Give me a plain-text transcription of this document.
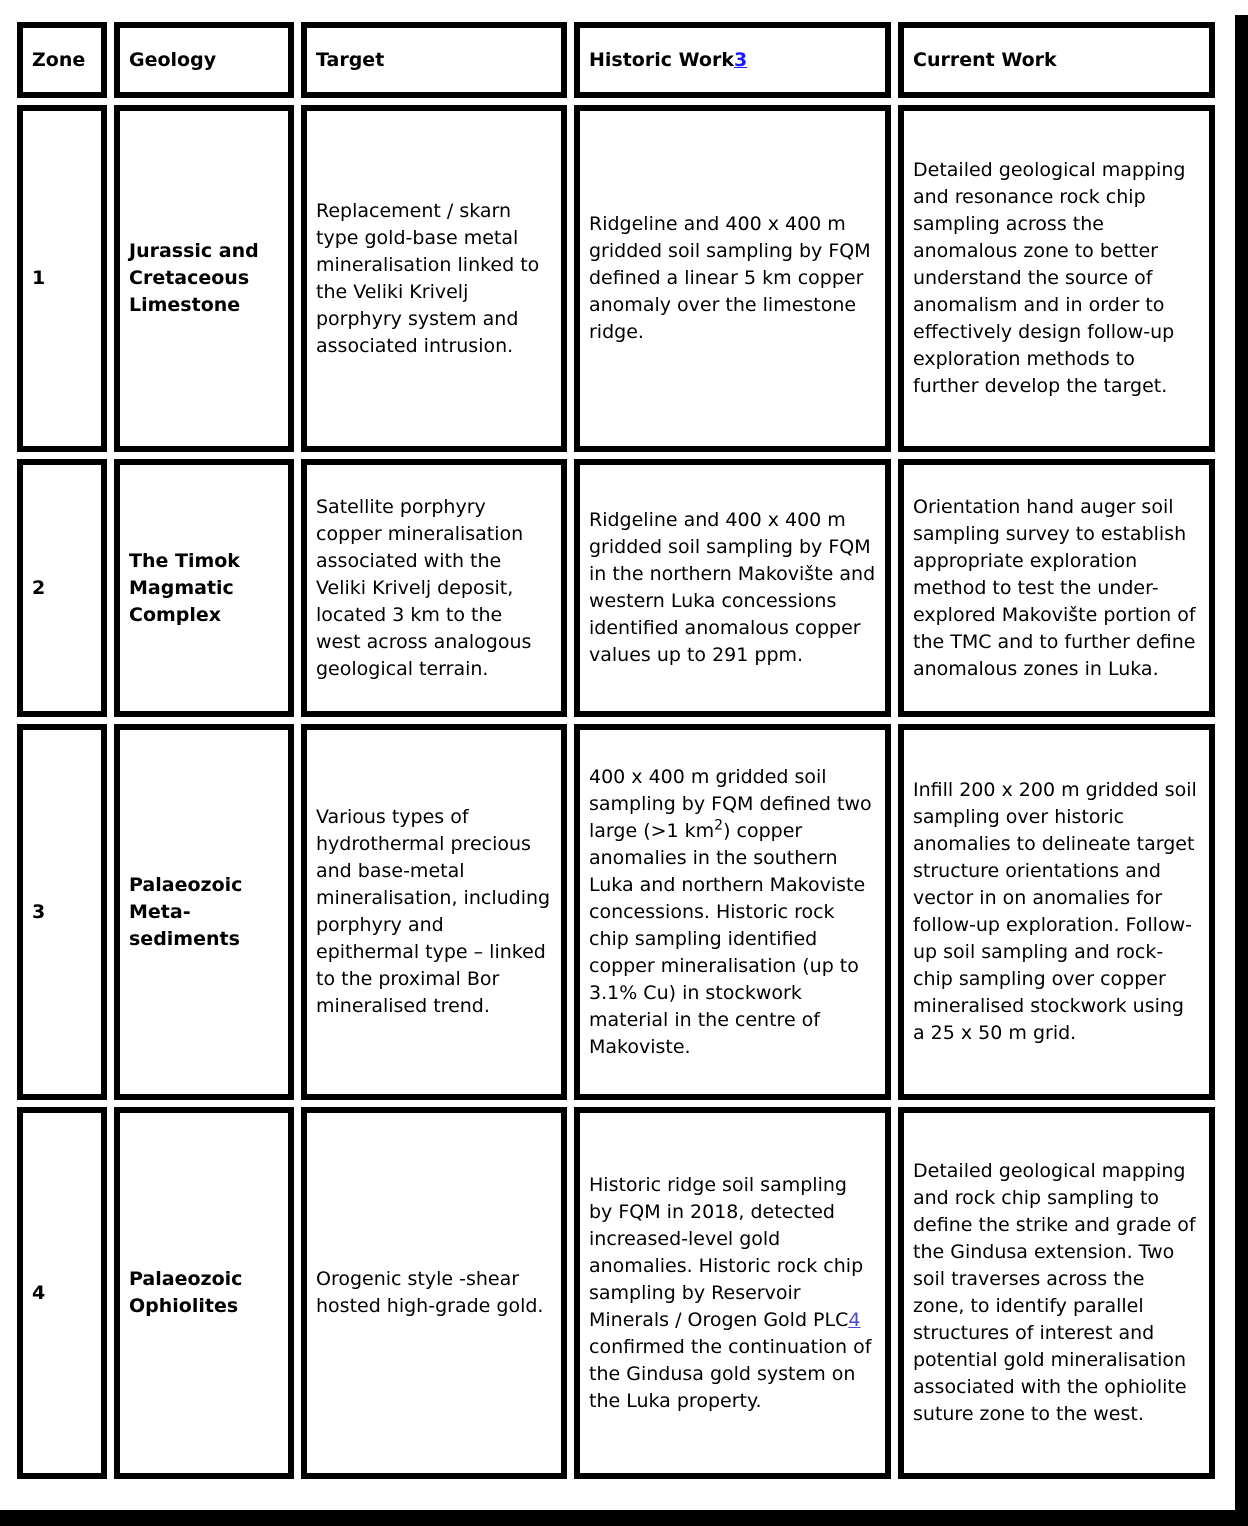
Zone	Geology	Target	Historic Work3	Current Work
1	Jurassic and Cretaceous Limestone	Replacement / skarn type gold-base metal mineralisation linked to the Veliki Krivelj porphyry system and associated intrusion.	Ridgeline and 400 x 400 m gridded soil sampling by FQM defined a linear 5 km copper anomaly over the limestone ridge.	Detailed geological mapping and resonance rock chip sampling across the anomalous zone to better understand the source of anomalism and in order to effectively design follow-up exploration methods to further develop the target.
2	The Timok Magmatic Complex	Satellite porphyry copper mineralisation associated with the Veliki Krivelj deposit, located 3 km to the west across analogous geological terrain.	Ridgeline and 400 x 400 m gridded soil sampling by FQM in the northern Makovište and western Luka concessions identified anomalous copper values up to 291 ppm.	Orientation hand auger soil sampling survey to establish appropriate exploration method to test the under-explored Makovište portion of the TMC and to further define anomalous zones in Luka.
3	Palaeozoic Meta-sediments	Various types of hydrothermal precious and base-metal mineralisation, including porphyry and epithermal type – linked to the proximal Bor mineralised trend.	400 x 400 m gridded soil sampling by FQM defined two large (>1 $km^2$) copper anomalies in the southern Luka and northern Makoviste concessions. Historic rock chip sampling identified copper mineralisation (up to 3.1% Cu) in stockwork material in the centre of Makoviste.	Infill 200 x 200 m gridded soil sampling over historic anomalies to delineate target structure orientations and vector in on anomalies for follow-up exploration. Follow-up soil sampling and rock-chip sampling over copper mineralised stockwork using a 25 x 50 m grid.
4	Palaeozoic Ophiolites	Orogenic style -shear hosted high-grade gold.	Historic ridge soil sampling by FQM in 2018, detected increased-level gold anomalies. Historic rock chip sampling by Reservoir Minerals / Orogen Gold PLC4 confirmed the continuation of the Gindusa gold system on the Luka property.	Detailed geological mapping and rock chip sampling to define the strike and grade of the Gindusa extension. Two soil traverses across the zone, to identify parallel structures of interest and potential gold mineralisation associated with the ophiolite suture zone to the west.
